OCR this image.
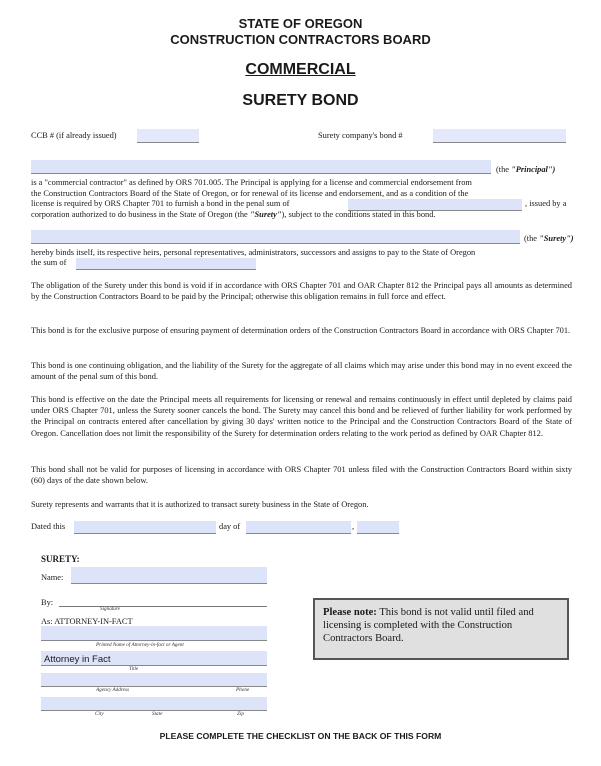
STATE OF OREGON
CONSTRUCTION CONTRACTORS BOARD
COMMERCIAL
SURETY BOND
CCB # (if already issued)	Surety company's bond #
(the "Principal")
is a "commercial contractor" as defined by ORS 701.005. The Principal is applying for a license and commercial endorsement from
the Construction Contractors Board of the State of Oregon, or for renewal of its license and endorsement, and as a condition of the
license is required by ORS Chapter 701 to furnish a bond in the penal sum of	, issued by a
corporation authorized to do business in the State of Oregon (the "Surety"), subject to the conditions stated in this bond.
(the "Surety")
hereby binds itself, its respective heirs, personal representatives, administrators, successors and assigns to pay to the State of Oregon
the sum of
The obligation of the Surety under this bond is void if in accordance with ORS Chapter 701 and OAR Chapter 812 the Principal pays all amounts as determined by the Construction Contractors Board to be paid by the Principal; otherwise this obligation remains in full force and effect.
This bond is for the exclusive purpose of ensuring payment of determination orders of the Construction Contractors Board in accordance with ORS Chapter 701.
This bond is one continuing obligation, and the liability of the Surety for the aggregate of all claims which may arise under this bond may in no event exceed the amount of the penal sum of this bond.
This bond is effective on the date the Principal meets all requirements for licensing or renewal and remains continuously in effect until depleted by claims paid under ORS Chapter 701, unless the Surety sooner cancels the bond. The Surety may cancel this bond and be relieved of further liability for work performed by the Principal on contracts entered after cancellation by giving 30 days' written notice to the Principal and the Construction Contractors Board of the State of Oregon. Cancellation does not limit the responsibility of the Surety for determination orders relating to the work period as defined by OAR Chapter 812.
This bond shall not be valid for purposes of licensing in accordance with ORS Chapter 701 unless filed with the Construction Contractors Board within sixty (60) days of the date shown below.
Surety represents and warrants that it is authorized to transact surety business in the State of Oregon.
Dated this	day of	,
SURETY:
Name:
By:
Signature
As: ATTORNEY-IN-FACT
Printed Name of Attorney-in-fact or Agent
Attorney in Fact
Title
Agency Address	Phone
City	State	Zip
Please note: This bond is not valid until filed and licensing is completed with the Construction Contractors Board.
PLEASE COMPLETE THE CHECKLIST ON THE BACK OF THIS FORM
